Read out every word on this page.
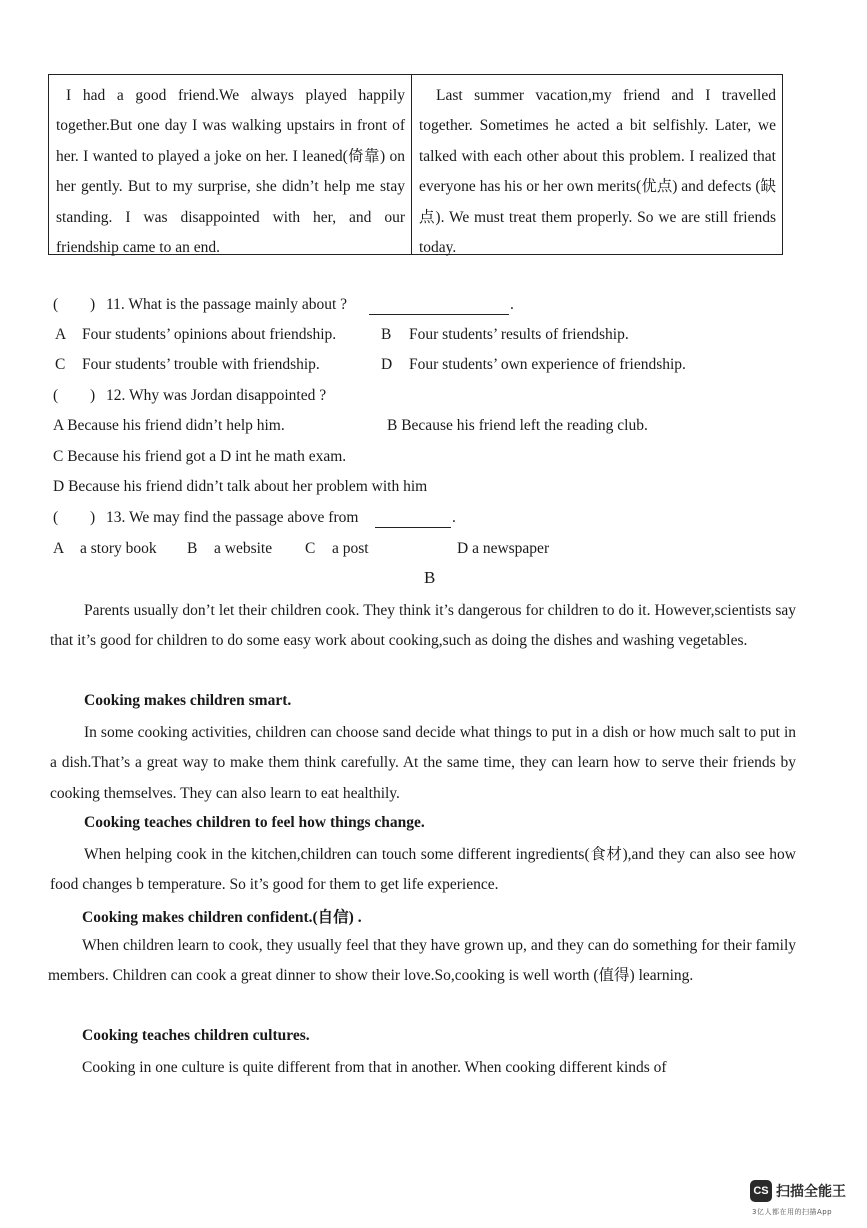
I had a good friend.We always played happily together.But one day I was walking upstairs in front of her. I wanted to played a joke on her. I leaned(倚靠) on her gently. But to my surprise, she didn’t help me stay standing. I was disappointed with her, and our friendship came to an end.

Last summer vacation,my friend and I travelled together. Sometimes he acted a bit selfishly. Later, we talked with each other about this problem. I realized that everyone has his or her own merits(优点) and defects (缺点). We must treat them properly. So we are still friends today.

( ) 11. What is the passage mainly about ?	.
A Four students’ opinions about friendship.	B Four students’ results of friendship.
C Four students’ trouble with friendship.	D Four students’ own experience of friendship.
( ) 12. Why was Jordan disappointed ?
A Because his friend didn’t help him.	B Because his friend left the reading club.
C Because his friend got a D int he math exam.
D Because his friend didn’t talk about her problem with him
( ) 13. We may find the passage above from	.
A a story book B a website C a post	D a newspaper
B
Parents usually don’t let their children cook. They think it’s dangerous for children to do it. However,scientists say that it’s good for children to do some easy work about cooking,such as doing the dishes and washing vegetables.
Cooking makes children smart.
In some cooking activities, children can choose sand decide what things to put in a dish or how much salt to put in a dish.That’s a great way to make them think carefully. At the same time, they can learn how to serve their friends by cooking themselves. They can also learn to eat healthily.
Cooking teaches children to feel how things change.
When helping cook in the kitchen,children can touch some different ingredients(食材),and they can also see how food changes b temperature. So it’s good for them to get life experience.
Cooking makes children confident.(自信) .
When children learn to cook, they usually feel that they have grown up, and they can do something for their family members. Children can cook a great dinner to show their love.So,cooking is well worth (值得) learning.
Cooking teaches children cultures.
Cooking in one culture is quite different from that in another. When cooking different kinds of
CS 扫描全能王
3亿人都在用的扫描App
